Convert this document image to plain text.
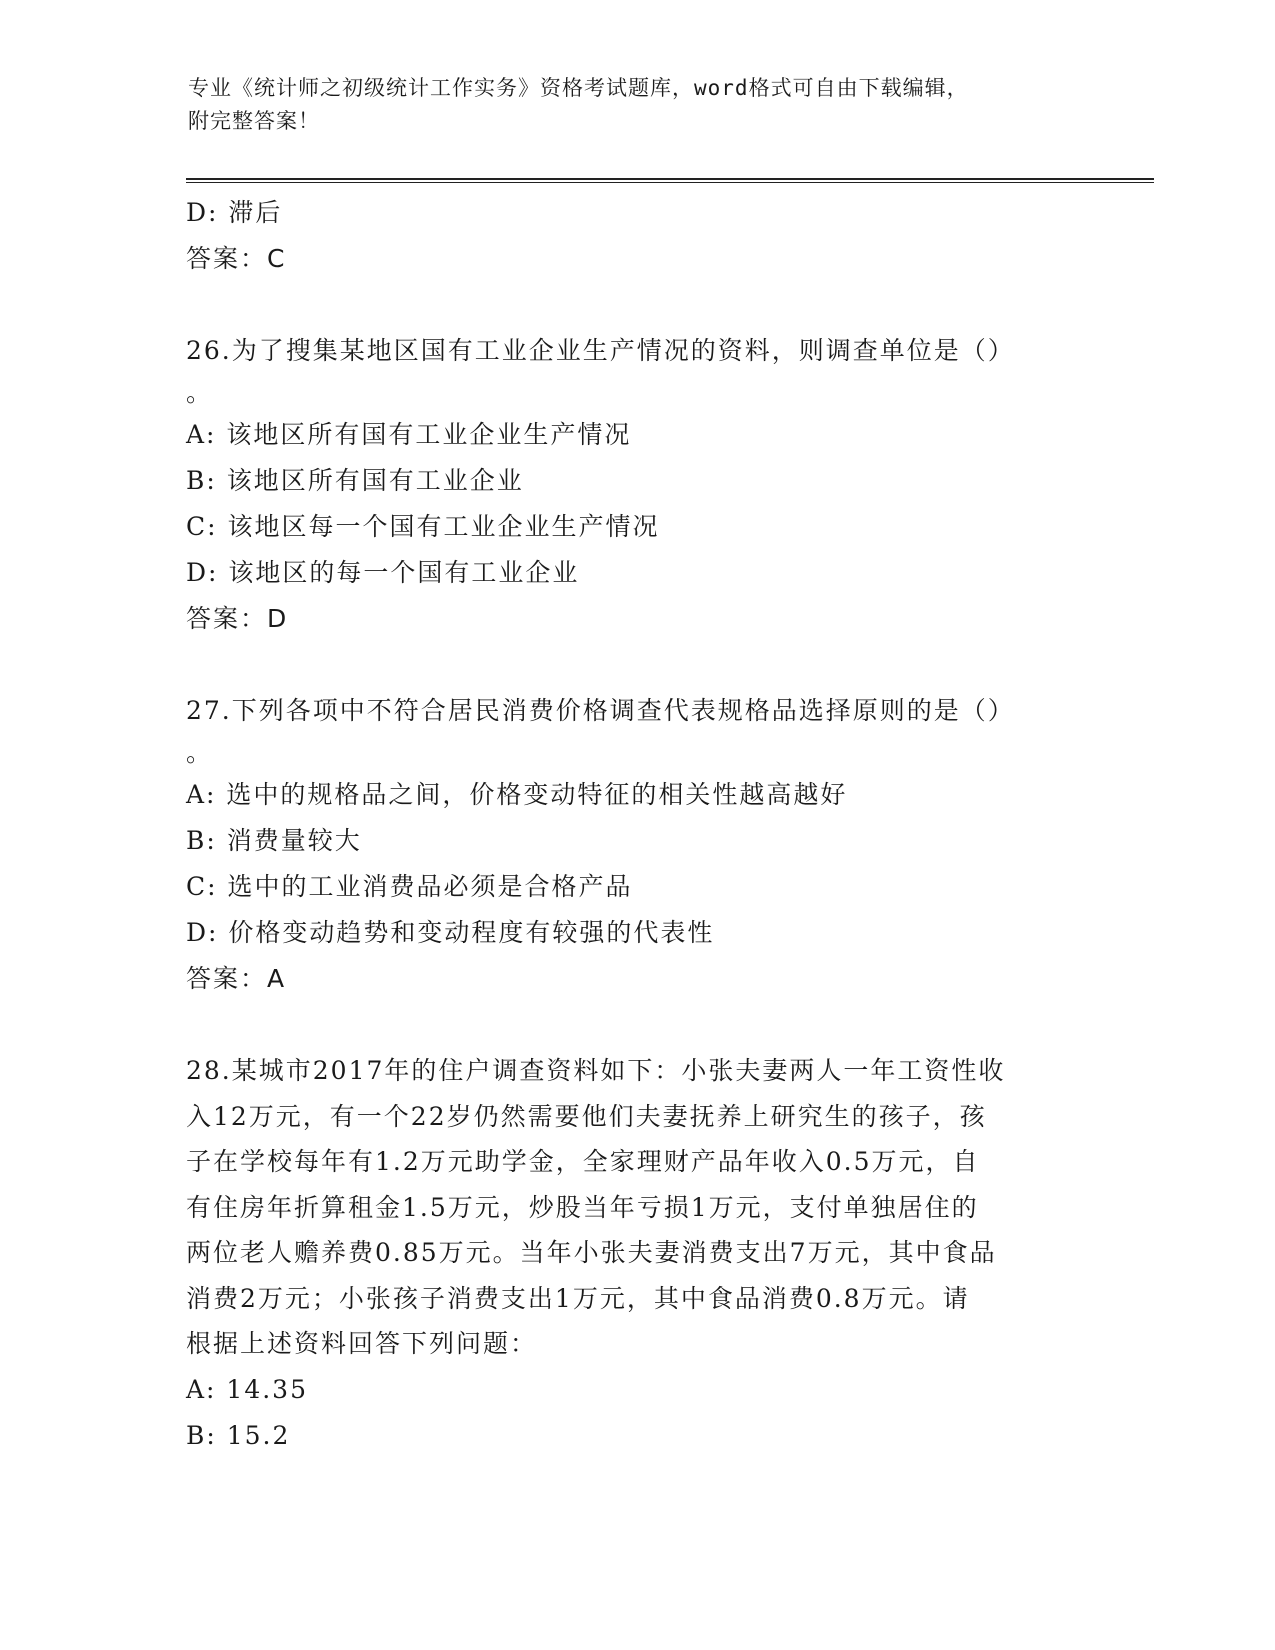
专业《统计师之初级统计工作实务》资格考试题库，word格式可自由下载编辑，
附完整答案！
D: 滞后
答案：C
26.为了搜集某地区国有工业企业生产情况的资料，则调查单位是（）
。
A: 该地区所有国有工业企业生产情况
B: 该地区所有国有工业企业
C: 该地区每一个国有工业企业生产情况
D: 该地区的每一个国有工业企业
答案：D
27.下列各项中不符合居民消费价格调查代表规格品选择原则的是（）
。
A: 选中的规格品之间，价格变动特征的相关性越高越好
B: 消费量较大
C: 选中的工业消费品必须是合格产品
D: 价格变动趋势和变动程度有较强的代表性
答案：A
28.某城市2017年的住户调查资料如下：小张夫妻两人一年工资性收
入12万元，有一个22岁仍然需要他们夫妻抚养上研究生的孩子，孩
子在学校每年有1.2万元助学金，全家理财产品年收入0.5万元，自
有住房年折算租金1.5万元，炒股当年亏损1万元，支付单独居住的
两位老人赡养费0.85万元。当年小张夫妻消费支出7万元，其中食品
消费2万元；小张孩子消费支出1万元，其中食品消费0.8万元。请
根据上述资料回答下列问题：
A: 14.35
B: 15.2
